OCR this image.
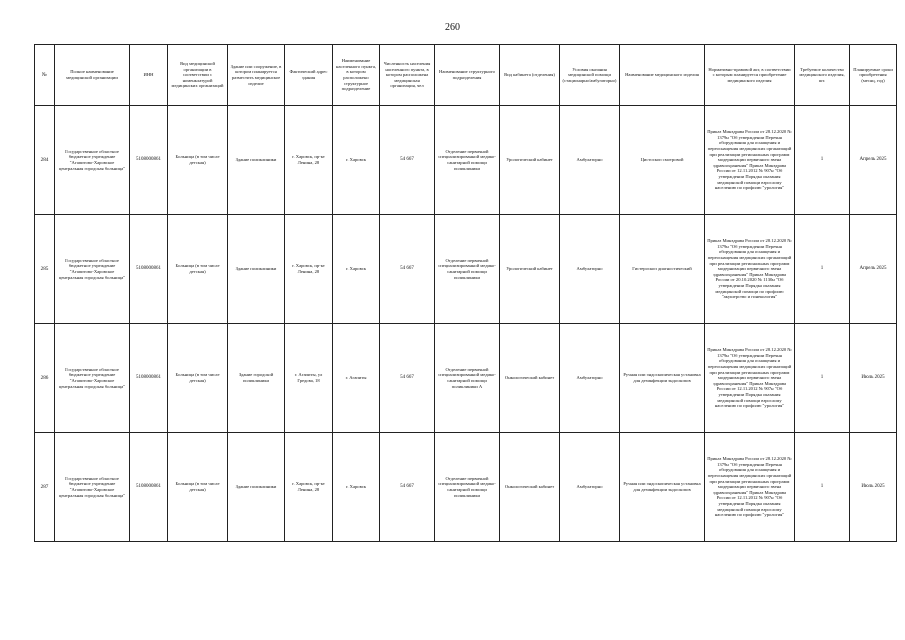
260
№	Полное наименование медицинской организации	ИНН	Вид медицинской организации в соответствии с номенклатурой медицинских организаций	Здание или сооружение, в котором планируется разместить медицинское изделие	Фактический адрес здания	Наименование населенного пункта, в котором расположено структурное подразделение	Численность населения населенного пункта, в котором расположена медицинская организация, чел	Наименование структурного подразделения	Вид кабинета (отделения)	Условия оказания медицинской помощи (стационарно/амбулаторно)	Наименование медицинского изделия	Нормативно-правовой акт, в соответствии с которым планируется приобретение медицинского изделия	Требуемое количество медицинского изделия, шт.	Планируемые сроки приобретения (месяц, год)
284	Государственное областное бюджетное учреждение "Агапитово-Харовское центральная городская больница"	5108000861	Больница (в том числе детская)	Здание поликлиники	г. Харовск, пр-кт Ленина, 28	г. Харовск	54 667	Отделение первичной специализированной медико-санитарной помощи поликлиники	Урологический кабинет	Амбулаторно	Цистоскоп смотровой	Приказ Минздрава России от 28.12.2020 № 1379н "Об утверждении Перечня оборудования для оснащения и переоснащения медицинских организаций при реализации региональных программ модернизации первичного звена здравоохранения" Приказ Минздрава России от 12.11.2012 № 907н "Об утверждении Порядка оказания медицинской помощи взрослому населению по профилю "урология"	1	Апрель 2025
285	Государственное областное бюджетное учреждение "Агапитово-Харовское центральная городская больница"	5108000861	Больница (в том числе детская)	Здание поликлиники	г. Харовск, пр-кт Ленина, 28	г. Харовск	54 667	Отделение первичной специализированной медико-санитарной помощи поликлиники	Урологический кабинет	Амбулаторно	Гистероскоп диагностический	Приказ Минздрава России от 28.12.2020 № 1379н "Об утверждении Перечня оборудования для оснащения и переоснащения медицинских организаций при реализации региональных программ модернизации первичного звена здравоохранения" Приказ Минздрава России от 20.10.2020 № 1130н "Об утверждении Порядка оказания медицинской помощи по профилю "акушерство и гинекология"	1	Апрель 2025
286	Государственное областное бюджетное учреждение "Агапитово-Харовское центральная городская больница"	5108000861	Больница (в том числе детская)	Здание городской поликлиники	г. Агапиты, ул Гредова, 18	г. Агапиты	54 667	Отделение первичной специализированной медико-санитарной помощи поликлиники А	Онкологический кабинет	Амбулаторно	Ручная или эндоскопическая установка для дезинфекции эндоскопов	Приказ Минздрава России от 28.12.2020 № 1379н "Об утверждении Перечня оборудования для оснащения и переоснащения медицинских организаций при реализации региональных программ модернизации первичного звена здравоохранения" Приказ Минздрава России от 12.11.2012 № 907н "Об утверждении Порядка оказания медицинской помощи взрослому населению по профилю "урология"	1	Июль 2025
287	Государственное областное бюджетное учреждение "Агапитово-Харовское центральная городская больница"	5108000861	Больница (в том числе детская)	Здание поликлиники	г. Харовск, пр-кт Ленина, 28	г. Харовск	54 667	Отделение первичной специализированной медико-санитарной помощи поликлиники	Онкологический кабинет	Амбулаторно	Ручная или эндоскопическая установка для дезинфекции эндоскопов	Приказ Минздрава России от 28.12.2020 № 1379н "Об утверждении Перечня оборудования для оснащения и переоснащения медицинских организаций при реализации региональных программ модернизации первичного звена здравоохранения" Приказ Минздрава России от 12.11.2012 № 907н "Об утверждении Порядка оказания медицинской помощи взрослому населению по профилю "урология"	1	Июль 2025
